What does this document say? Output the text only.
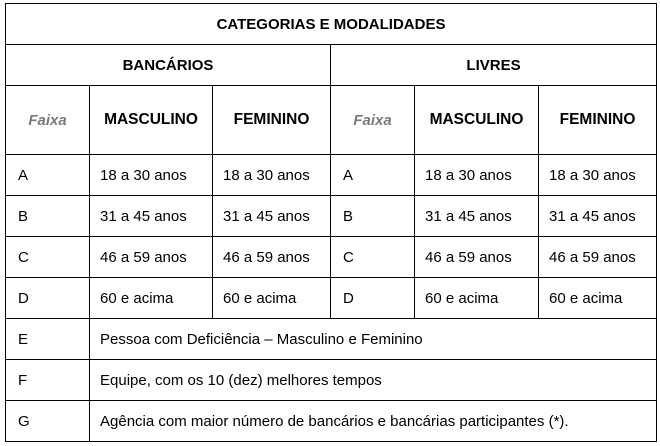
CATEGORIAS E MODALIDADES					
BANCÁRIOS			LIVRES		
Faixa	MASCULINO	FEMININO	Faixa	MASCULINO	FEMININO
A	18 a 30 anos	18 a 30 anos	A	18 a 30 anos	18 a 30 anos
B	31 a 45 anos	31 a 45 anos	B	31 a 45 anos	31 a 45 anos
C	46 a 59 anos	46 a 59 anos	C	46 a 59 anos	46 a 59 anos
D	60 e acima	60 e acima	D	60 e acima	60 e acima
E	Pessoa com Deficiência – Masculino e Feminino				
F	Equipe, com os 10 (dez) melhores tempos				
G	Agência com maior número de bancários e bancárias participantes (*).				
